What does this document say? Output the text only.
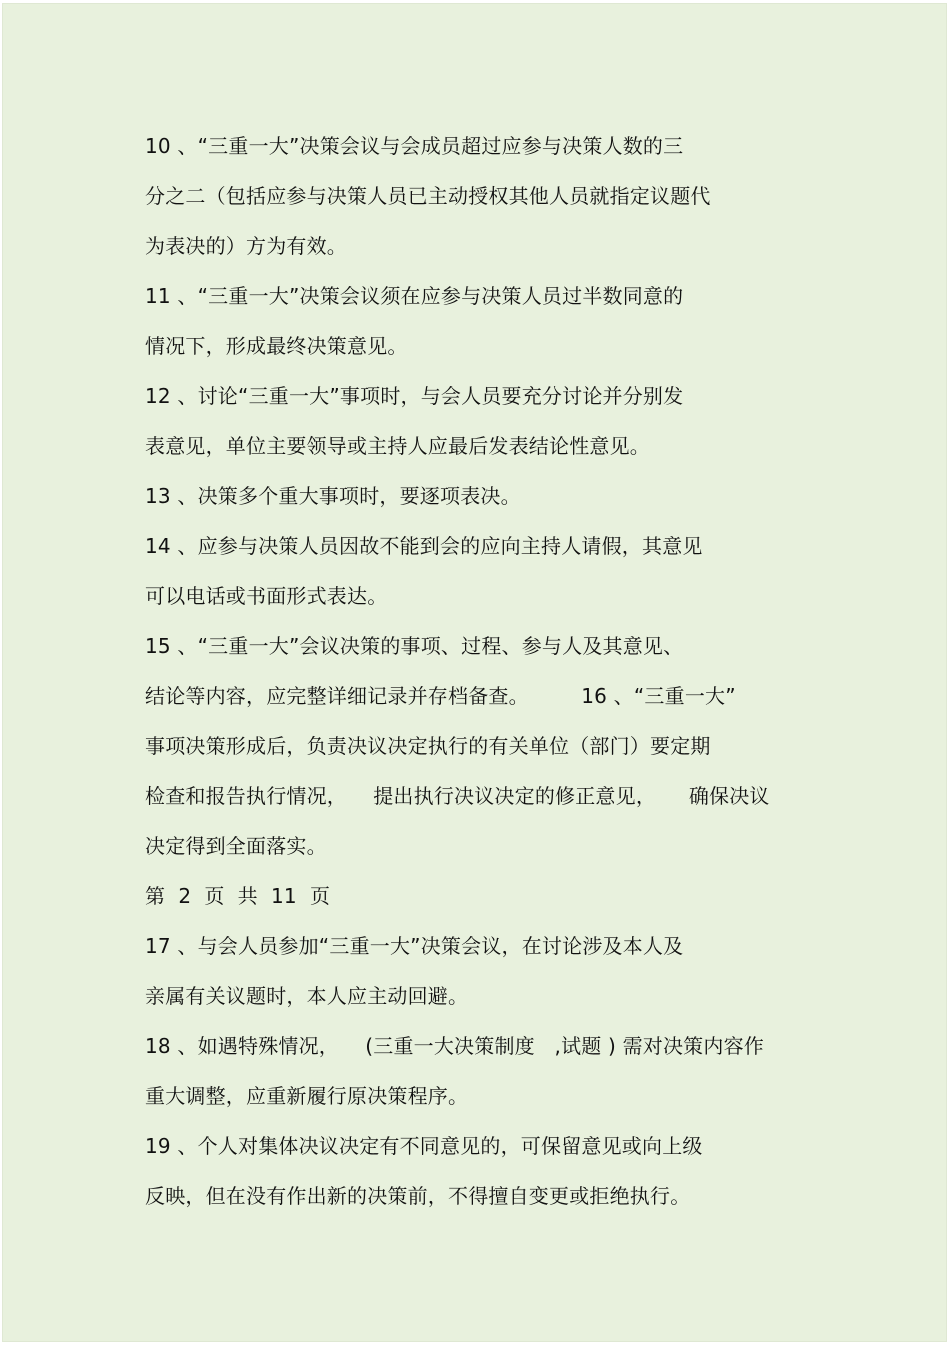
10 、“三重一大”决策会议与会成员超过应参与决策人数的三
分之二（包括应参与决策人员已主动授权其他人员就指定议题代
为表决的）方为有效。
11 、“三重一大”决策会议须在应参与决策人员过半数同意的
情况下，形成最终决策意见。
12 、讨论“三重一大”事项时，与会人员要充分讨论并分别发
表意见，单位主要领导或主持人应最后发表结论性意见。
13 、决策多个重大事项时，要逐项表决。
14 、应参与决策人员因故不能到会的应向主持人请假，其意见
可以电话或书面形式表达。
15 、“三重一大”会议决策的事项、过程、参与人及其意见、
结论等内容，应完整详细记录并存档备查。        16 、“三重一大”
事项决策形成后，负责决议决定执行的有关单位（部门）要定期
检查和报告执行情况，    提出执行决议决定的修正意见，     确保决议
决定得到全面落实。
第  2  页  共  11  页
17 、与会人员参加“三重一大”决策会议，在讨论涉及本人及
亲属有关议题时，本人应主动回避。
18 、如遇特殊情况，    (三重一大决策制度   ,试题 ) 需对决策内容作
重大调整，应重新履行原决策程序。
19 、个人对集体决议决定有不同意见的，可保留意见或向上级
反映，但在没有作出新的决策前，不得擅自变更或拒绝执行。
